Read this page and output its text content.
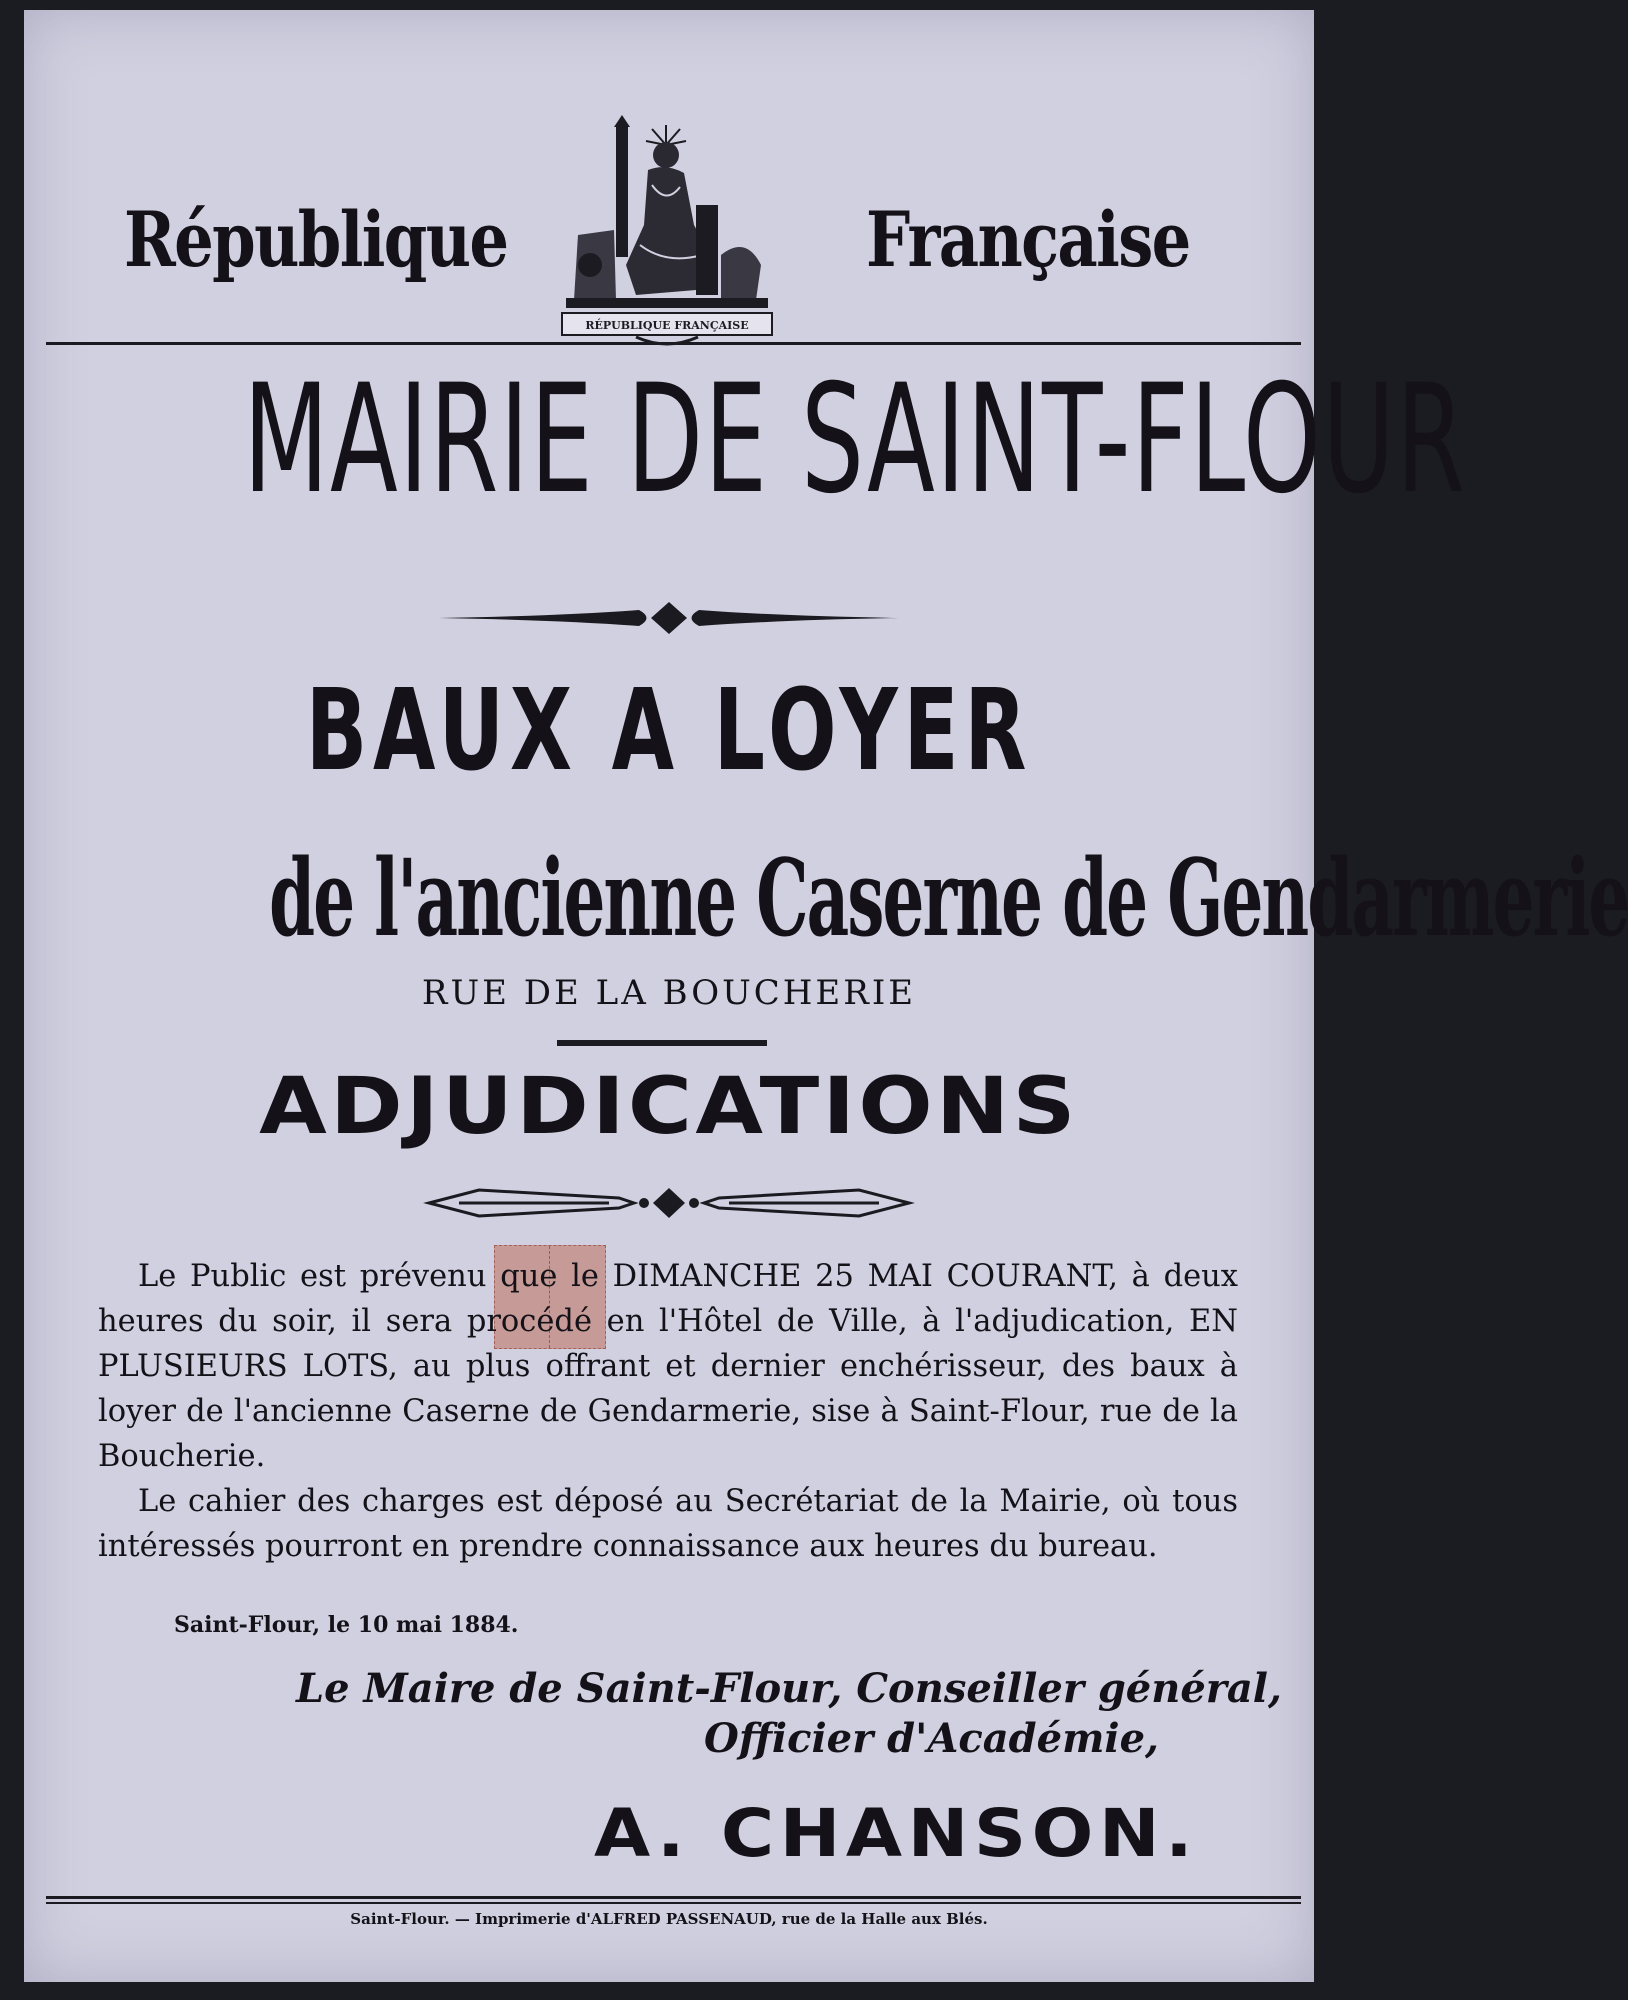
République
RÉPUBLIQUE FRANÇAISE
Française
MAIRIE DE SAINT-FLOUR
BAUX A LOYER
de l'ancienne Caserne de Gendarmerie
RUE DE LA BOUCHERIE
ADJUDICATIONS

Le Public est prévenu que le DIMANCHE 25 MAI COURANT, à deux heures du soir, il sera procédé en l'Hôtel de Ville, à l'adjudication, EN PLUSIEURS LOTS, au plus offrant et dernier enchérisseur, des baux à loyer de l'ancienne Caserne de Gendarmerie, sise à Saint-Flour, rue de la Boucherie.

Le cahier des charges est déposé au Secrétariat de la Mairie, où tous intéressés pourront en prendre connaissance aux heures du bureau.

Saint-Flour, le 10 mai 1884.
Le Maire de Saint-Flour, Conseiller général,
Officier d'Académie,
A. CHANSON.
Saint-Flour. — Imprimerie d'ALFRED PASSENAUD, rue de la Halle aux Blés.
